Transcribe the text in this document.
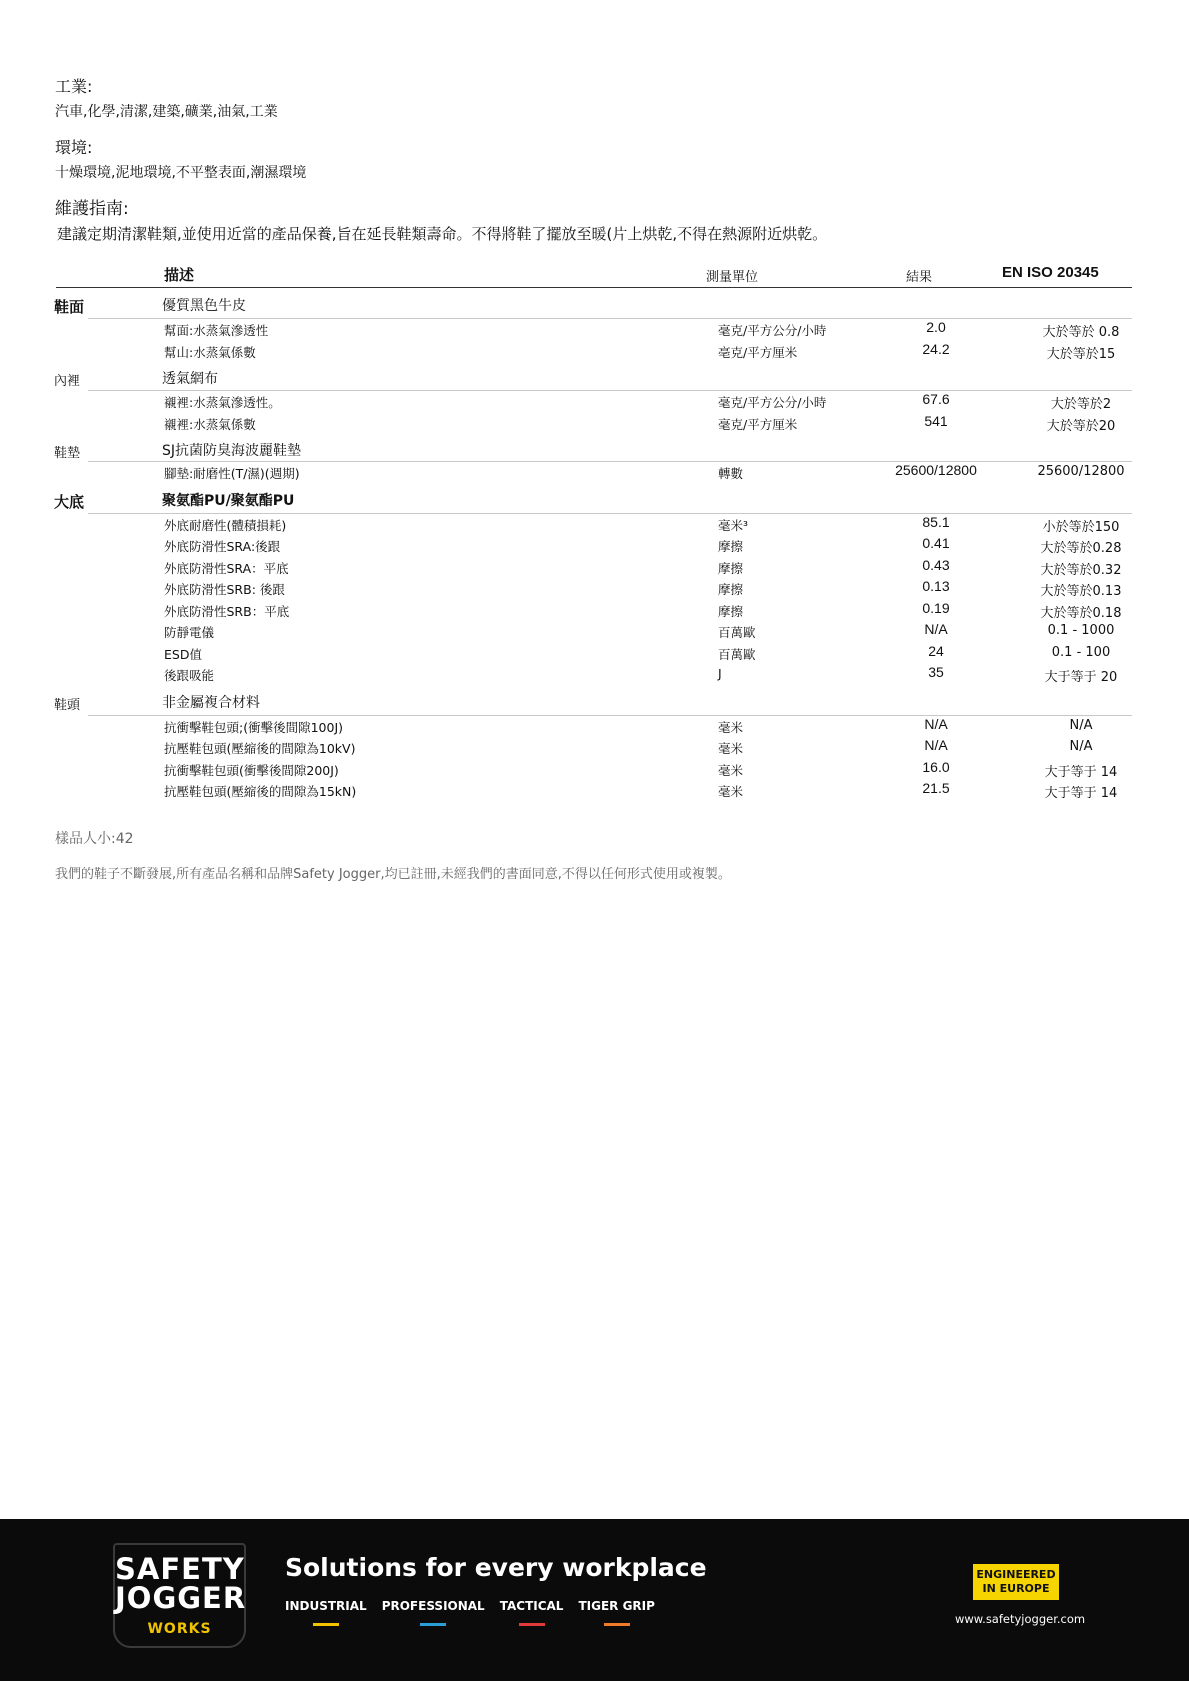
工業:
汽車,化學,清潔,建築,礦業,油氣,工業
環境:
十燥環境,泥地環境,不平整表面,潮濕環境
維護指南:
建議定期清潔鞋類,並使用近當的產品保養,旨在延長鞋類壽命。不得將鞋了擺放至暖(片上烘乾,不得在熱源附近烘乾。
描述	測量單位	結果	EN ISO 20345
鞋面	優質黑色牛皮
幫面:水蒸氣滲透性	毫克/平方公分/小時	2.0	大於等於 0.8
幫山:水蒸氣係數	亳克/平方厘米	24.2	大於等於15
內裡	透氣網布
襯裡:水蒸氣滲透性。	毫克/平方公分/小時	67.6	大於等於2
襯裡:水蒸氣係數	毫克/平方厘米	541	大於等於20
鞋墊	SJ抗菌防臭海波麗鞋墊
腳墊:耐磨性(T/濕)(週期)	轉數	25600/12800	25600/12800
大底	聚氨酯PU/聚氨酯PU
外底耐磨性(體積損耗)	毫米³	85.1	小於等於150
外底防滑性SRA:後跟	摩擦	0.41	大於等於0.28
外底防滑性SRA：平底	摩擦	0.43	大於等於0.32
外底防滑性SRB: 後跟	摩擦	0.13	大於等於0.13
外底防滑性SRB：平底	摩擦	0.19	大於等於0.18
防靜電儀	百萬歐	N/A	0.1 - 1000
ESD值	百萬歐	24	0.1 - 100
後跟吸能	J	35	大于等于 20
鞋頭	非金屬複合材料
抗衝擊鞋包頭;(衝擊後間隙100J)	毫米	N/A	N/A
抗壓鞋包頭(壓縮後的間隙為10kV)	毫米	N/A	N/A
抗衝擊鞋包頭(衝擊後間隙200J)	毫米	16.0	大于等于 14
抗壓鞋包頭(壓縮後的間隙為15kN)	毫米	21.5	大于等于 14
樣品人小:42
我們的鞋子不斷發展,所有產品名稱和品牌Safety Jogger,均已註冊,未經我們的書面同意,不得以任何形式使用或複製。
SAFETY
JOGGER
WORKS
Solutions for every workplace
INDUSTRIAL PROFESSIONAL TACTICAL TIGER GRIP
ENGINEERED
IN EUROPE
www.safetyjogger.com
